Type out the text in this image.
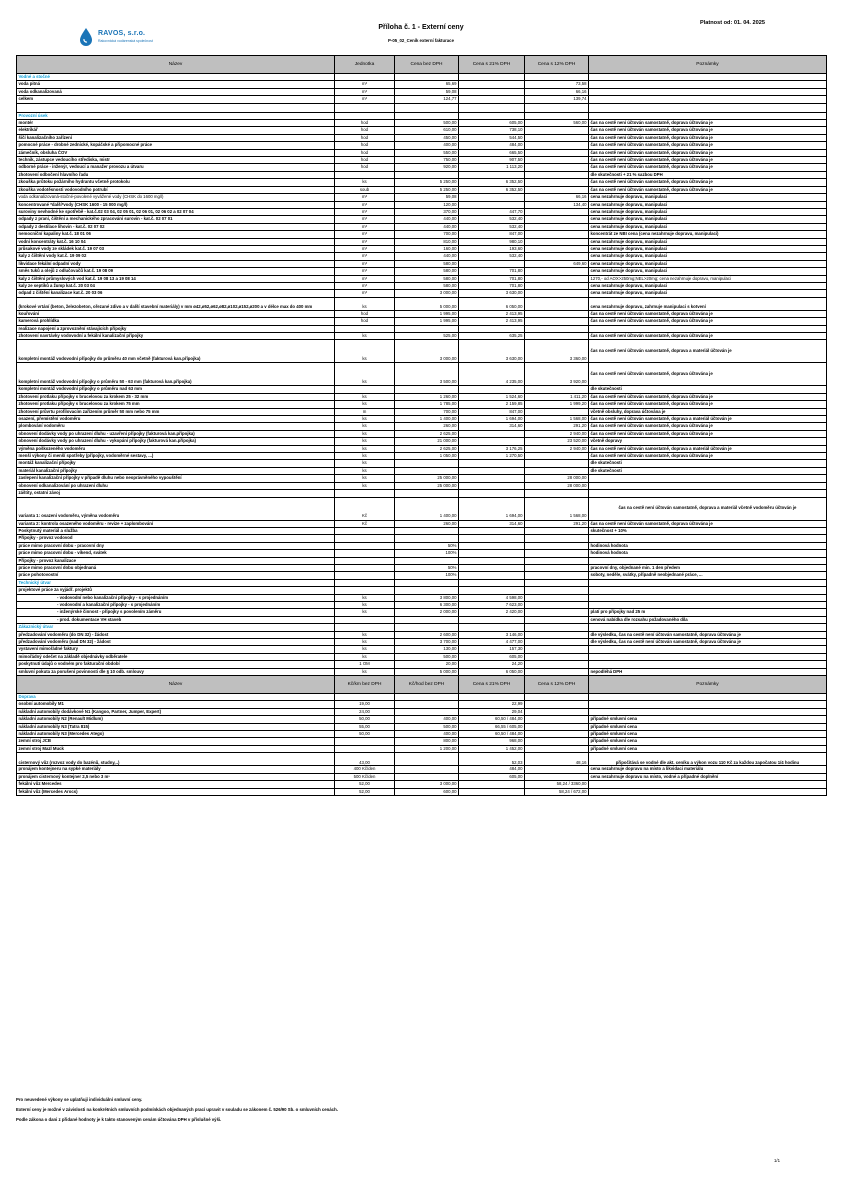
RAVOS, s.r.o.
Rakovnická vodárenská společnost
Příloha č. 1 - Externí ceny
P-05_02_Ceník externí fakturace
Platnost od: 01. 04. 2025
Název	Jednotka	Cena bez DPH	Cena s 21% DPH	Cena s 12% DPH	Poznámky
Vodné a stočné					
voda pitná	m³	65,69		73,58	
voda odkanalizovaná	m³	59,08		66,16	
celkem	m³	124,77		139,74	

Provozní úsek					
montér	hod	500,00	605,00	560,00	čas na cestě není účtován samostatně, doprava účtována je
elektrikář	hod	610,00	738,10		čas na cestě není účtován samostatně, doprava účtována je
šičí kanalizačního zařízení	hod	450,00	544,50		čas na cestě není účtován samostatně, doprava účtována je
pomocné práce - drobné zednické, kopáčské a připomocné práce	hod	400,00	484,00		čas na cestě není účtován samostatně, doprava účtována je
zámečník, obsluha ČOV	hod	550,00	665,50		čas na cestě není účtován samostatně, doprava účtována je
technik, zástupce vedoucího střediska, mistr	hod	750,00	907,50		čas na cestě není účtován samostatně, doprava účtována je
odborné práce - inženýr, vedoucí a manažer provozu a útvaru	hod	920,00	1 113,20		čas na cestě není účtován samostatně, doprava účtována je
zhotovení odbočení hlavního řadu					dle skutečnosti + 21 % sazbou DPH
zkouška průtoku požárního hydrantu včetně protokolu	ks	5 250,00	6 352,50		čas na cestě není účtován samostatně, doprava účtována je
zkouška vodotěsnosti vodovodního potrubí	soub	5 250,00	6 352,50		čas na cestě není účtován samostatně, doprava účtována je
voda odkanalizovaná-stočné-povolené vyvážené vody (CHSK do 1600 mg/l)	m³	59,08		66,16	cena nezahrnuje dopravu, manipulaci
koncentrované *další*vody (CHSK 1600 - 15 000 mg/l)	m³	120,00		134,40	cena nezahrnuje dopravu, manipulaci
suroviny nevhodné ke spotřebě - kat.č.02 03 04, 02 05 01, 02 06 01, 02 06 02 a 02 07 04	m³	370,00	447,70		cena nezahrnuje dopravu, manipulaci
odpady z praní, čištění a mechanického zpracování surovin - kat.č. 02 07 01	m³	440,00	532,40		cena nezahrnuje dopravu, manipulaci
odpady z destilace lihovin - kat.č. 02 07 02	m³	440,00	532,40		cena nezahrnuje dopravu, manipulaci
nemocniční kapaliny kat.č. 18 01 06	m³	700,00	847,00		koncentrát ze NBI cena (cena nezahrnuje dopravu, manipulaci)
vodní koncentráty kat.č. 16 10 04	m³	810,00	980,10		cena nezahrnuje dopravu, manipulaci
průsakové vody ze skládek kat.č. 19 07 03	m³	160,00	193,60		cena nezahrnuje dopravu, manipulaci
kaly z čištění vody kat.č. 19 09 02	m³	440,00	532,40		cena nezahrnuje dopravu, manipulaci
likvidace fekální odpadní vody	m³	580,00		649,60	cena nezahrnuje dopravu, manipulaci
směs tuků a olejů z odlučovačů kat.č. 19 08 09	m³	580,00	701,80		cena nezahrnuje dopravu, manipulaci
kaly z čištění průmyslových vod kat.č. 19 08 13 a 19 08 14	m³	580,00	701,80		1270,- od AOX>250mg;NEL>20mg; cena nezahrnuje dopravu, manipulaci
kaly ze septiků a žump kat.č. 20 03 04	m³	580,00	701,80		cena nezahrnuje dopravu, manipulaci
odpad z čištění kanalizace kat.č. 20 03 06	m³	3 000,00	3 630,00		cena nezahrnuje dopravu, manipulaci
(krokové vrtání (beton, železobeton, ořezané zdivo a v další stavební materiály) v mm ø42,ø52,ø62,ø82,ø102,ø152,ø200 a v délce max do 400 mm	ks	5 000,00	6 050,00		cena nezahrnuje dopravu, zahrnuje manipulaci s kotvení
kouřování	hod	1 995,00	2 413,95		čas na cestě není účtován samostatně, doprava účtována je
kamerová prohlídka	hod	1 995,00	2 413,95		čas na cestě není účtován samostatně, doprava účtována je
realizace napojení a zprovoznění stávajících přípojky					
zhotovení navrtávky vodovodní a fekální kanalizační přípojky	ks	525,00	635,25		čas na cestě není účtován samostatně, doprava účtována je
kompletní montáž vodovodní přípojky do průměru 40 mm včetně (fakturová kan.přípojka)	ks	3 000,00	3 630,00	3 360,00	čas na cestě není účtován samostatně, doprava a materiál účtován je
kompletní montáž vodovodní přípojky o průměru 50 - 63 mm (fakturová kan.přípojka)	ks	3 500,00	4 235,00	3 920,00	čas na cestě není účtován samostatně, doprava účtována je
kompletní montáž vodovodní přípojky o průměru nad 63 mm					dle skutečnosti
zhotovení protlaku přípojky s brucelovou za krokem 25 - 32 mm	ks	1 260,00	1 524,60	1 411,20	čas na cestě není účtován samostatně, doprava účtována je
zhotovení protlaku přípojky s brucelovou za krokem 75 mm	ks	1 785,00	2 159,85	1 999,20	čas na cestě není účtován samostatně, doprava účtována je
zhotovení průvrtu profilovacím zařízením průměr 50 mm nebo 75 mm	m	700,00	847,00		včetně obsluhy, doprava účtována je
osazení, přemístění vodoměru	ks	1 400,00	1 694,00	1 568,00	čas na cestě není účtován samostatně, doprava a materiál účtován je
plombování vodoměru	ks	260,00	314,60	291,20	čas na cestě není účtován samostatně, doprava účtována je
obnovení dodávky vody po uhrazení dluhu - uzavření přípojky (fakturová kan.přípojka)	ks	2 625,00		2 940,00	čas na cestě není účtován samostatně, doprava účtována je
obnovení dodávky vody po uhrazení dluhu - vykopání přípojky (fakturová kan.přípojka)	ks	21 000,00		23 520,00	včetně dopravy
výměna poškozeného vodoměru	ks	2 625,00	3 176,25	2 940,00	čas na cestě není účtován samostatně, doprava a materiál účtován je
menší výkony či menší spotřeby (přípojky, vodoměrné sestavy, ...)	ks	1 050,00	1 270,50		čas na cestě není účtován samostatně, doprava účtována je
montáž kanalizační přípojky	ks				dle skutečnosti
materiál kanalizační přípojky	ks				dle skutečnosti
zaslepení kanalizační přípojky v případě dluhu nebo neoprávněného vypouštění	ks	25 000,00		28 000,00	
obnovení odkanalizování po uhrazení dluhu	ks	25 000,00		28 000,00	
záštity, ostatní závoj					
varianta 1: osazení vodoměru, výměna vodoměru	Kč	1 400,00	1 694,00	1 568,00	čas na cestě není účtován samostatně, doprava a materiál včetně vodoměru účtován je
varianta 2: kontrola osazeného vodoměru - revize + zaplombování	Kč	260,00	314,60	291,20	čas na cestě není účtován samostatně, doprava účtována je
Poskytnutý materiál a služba					skutečnost + 10%
Přípojky - provoz vodovod					
práce mimo pracovní dobu - pracovní dny		50%			hodinová hodnota
práce mimo pracovní dobu - víkend, svátek		100%			hodinová hodnota
Přípojky - provoz kanalizace					
práce mimo pracovní dobu objednaná		50%			pracovní dny, objednané min. 1 den předem
práce pohotovostní		100%			soboty, neděle, svátky, případně neobjednané práce, ...
Technický útvar					
projektové práce za vyjádř. projektů					
- vodovodní nebo kanalizační přípojky - s projednáním	ks	3 800,00	4 598,00		
- vodovodní a kanalizační přípojky - s projednáním	ks	6 300,00	7 623,00		
- inženýrské činnost - přípojky s povolením záměru	ks	2 000,00	2 420,00		platí pro přípojky nad 25 m
- prod. dokumentace VH staveb					cenová nabídka dle rozsahu požadovaného díla
Zákaznický útvar					
předzadování vodoměru (do DN 32) - žádost	ks	2 600,00	3 146,00		dle výsledku, čas na cestě není účtován samostatně, doprava účtována je
předzadování vodoměru (nad DN 32) - žádost	ks	3 700,00	4 477,00		dle výsledku, čas na cestě není účtován samostatně, doprava účtována je
vystavení mimořádné faktury	ks	130,00	157,30		
mimořádný odečet na základě objednávky odběratele	ks	500,00	605,00		
poskytnutí údajů o vodném pro fakturační období	1 OM	20,00	24,20		
smluvní pokuta za porušení povinnosti dle § 10 odb. smlouvy	ks	5 000,00	6 050,00		nepodléhá DPH
Název	Kč/km bez DPH	Kč/hod bez DPH	Cena s 21% DPH	Cena s 12% DPH	Poznámky
Doprava					
osobní automobily M1	19,00		22,99		
nákladní automobily dodávkové N1 (Kangoo, Partner, Jumper, Expert)	24,00		29,04		
nákladní automobily N2 (Renault Midlum)	50,00	400,00	60,50 / 484,00		případné smluvní cena
nákladní automobily N3 (Tatra 815)	55,00	500,00	66,55 / 605,00		případné smluvní cena
nákladní automobily N3 (Mercedes Atego)	50,00	400,00	60,50 / 484,00		případné smluvní cena
zemní stroj JCB		800,00	968,00		případné smluvní cena
zemní stroj Mazl Muck		1 200,00	1 452,00		případné smluvní cena
cisternový vůz (rozvoz vody do bazénů, studny,..)	43,00		52,03	48,16	připočítává se vodné dle akt. ceníku a výkon vozu 110 Kč za každou započatou 1/4 hodinu
pronájem kontejneru na sypké materiály	400 Kč/den		484,00		cena nezahrnuje dopravu na místo a likvidaci materiálu
pronájem cisternový kontejner 2,5 nebo 3 m³	500 Kč/den		605,00		cena nezahrnuje dopravu na místo, vodné a případné doplnění
fekální vůz Mercedes	52,00	3 000,00		58,24 / 3360,00	
fekální vůz (Mercedes Arocs)	52,00	600,00		58,24 / 672,00	
Pro neuvedené výkony se uplatňují individuální smluvní ceny.
Externí ceny je možné v závislosti na konkrétních smluvních podmínkách objednaných prací upravit v souladu se zákonem č. 526/90 Sb. o smluvních cenách.
Podle zákona o dani z přidané hodnoty je k takto stanoveným cenám účtována DPH v příslušné výši.
1/1
